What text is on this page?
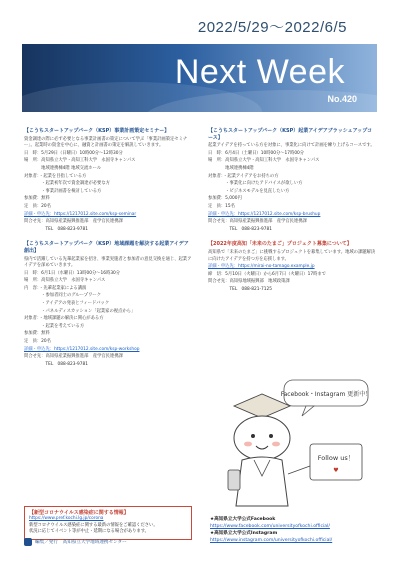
2022/5/29～2022/6/5
Next Week
No.420
【こうちスタートアップパーク（KSP）事業計画策定セミナー】

資金調達の際に必ず必要となる事業計画書の策定について学ぶ「事業計画策定セミナー」。起業時の資金を中心に、融資と計画書の策定を解説していきます。

日　時：5月29日（日曜日）10時00分～12時30分

場　所：高知県立大学・高知工科大学　永国寺キャンパス

　　　　地域連携棟4階 地域交流ホール

対象者：・起業を目指している方

　　　　・起業初年次で資金調達が必要な方

　　　　・事業計画書を検討している方

参加費：無料

定　員：20名

詳細・申込先：https://1217012.site.com/ksp-seminar

問合せ先：高知県産業振興推進部　産学官民連携課

　　　　　TEL　088-823-9781

【こうちスタートアップパーク（KSP）地域課題を解決する起業アイデア創出】

県内で活躍している先輩起業家を招き、事業実施者と参加者の意見交換を通じ、起業アイデアを深めていきます。

日　時：6月1日（水曜日）13時00分～16時30分

場　所：高知県立大学　永国寺キャンパス

内　容：・先輩起業家による講演

　　　　・参加者同士のグループワーク

　　　　・アイデアの発表とフィードバック

　　　　・パネルディスカッション「起業家の視点から」

対象者：・地域課題の解決に関心がある方

　　　　・起業を考えている方

参加費：無料

定　員：20名

詳細・申込先：https://1217012.site.com/ksp-workshop

問合せ先：高知県産業振興推進部　産学官民連携課

　　　　　TEL　088-823-9781

【こうちスタートアップパーク（KSP）起業アイデアブラッシュアップコース】

起業アイデアを持っている方を対象に、事業化に向けて計画を練り上げるコースです。

日　時：6月4日（土曜日）10時00分～17時00分

場　所：高知県立大学・高知工科大学　永国寺キャンパス

　　　　地域連携棟4階

対象者：・起業アイデアをお持ちの方

　　　　・事業化に向けたアドバイスが欲しい方

　　　　・ビジネスモデルを見直したい方

参加費：5,000円

定　員：15名

詳細・申込先：https://1217012.site.com/ksp-brushup

問合せ先：高知県産業振興推進部　産学官民連携課

　　　　　TEL　088-823-9781

【2022年度高知「未来のたまご」プロジェクト募集について】

高知県で「未来のたまご」に挑戦するプロジェクトを募集しています。地域の課題解決に向けたアイデアを持つ方を応援します。

詳細・申込先：https://mirai-no-tamago.example.jp

締　切：5月10日（火曜日）から6月7日（火曜日）17時まで

問合せ先：高知県地域振興部　地域政策課

　　　　　TEL　088-821-7125

【新型コロナウイルス感染症に関する情報】
https://www.pref.kochi.lg.jp/corona
新型コロナウイルス感染症に関する最新の情報をご確認ください。
状況に応じてイベント等が中止・延期になる場合があります。
編集／発行　高知県立大学地域連携センター
Facebook・Instagram 更新中！
Follow us！
♥
★高知県立大学公式Facebook
https://www.facebook.com/universityofkochi.official/
★高知県立大学公式Instagram
https://www.instagram.com/universityofkochi.official/
